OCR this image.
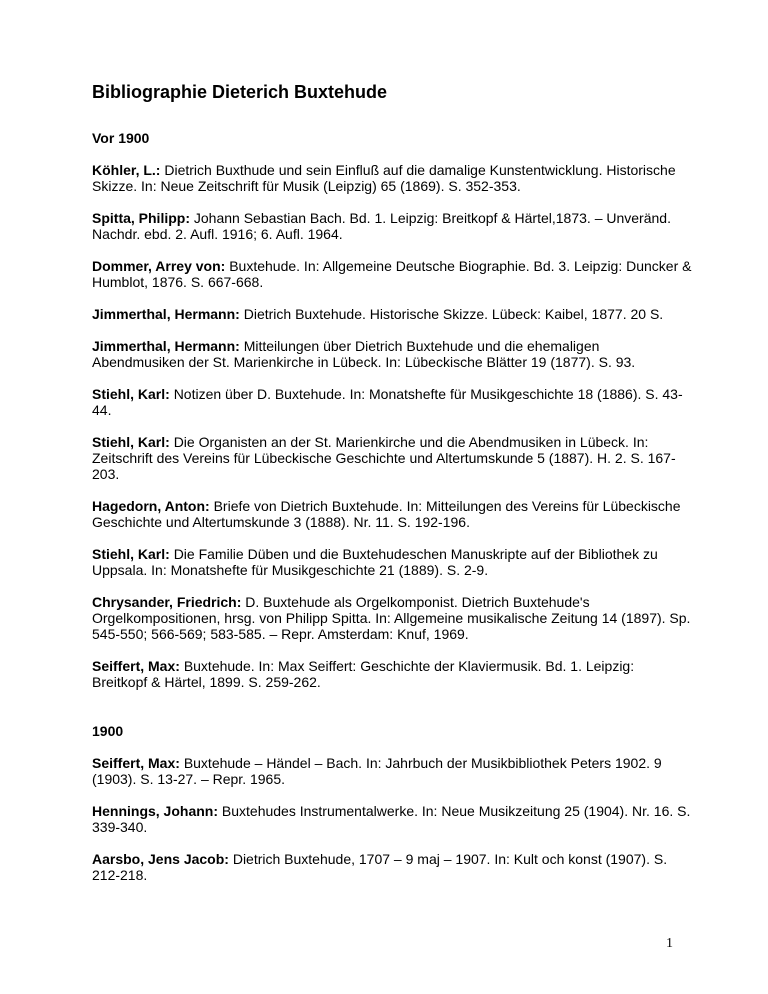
Bibliographie Dieterich Buxtehude
Vor 1900

Köhler, L.: Dietrich Buxthude und sein Einfluß auf die damalige Kunstentwicklung. Historische Skizze. In: Neue Zeitschrift für Musik (Leipzig) 65 (1869). S. 352-353.

Spitta, Philipp: Johann Sebastian Bach. Bd. 1. Leipzig: Breitkopf & Härtel,1873. – Unveränd. Nachdr. ebd. 2. Aufl. 1916; 6. Aufl. 1964.

Dommer, Arrey von: Buxtehude. In: Allgemeine Deutsche Biographie. Bd. 3. Leipzig: Duncker & Humblot, 1876. S. 667-668.

Jimmerthal, Hermann: Dietrich Buxtehude. Historische Skizze. Lübeck: Kaibel, 1877. 20 S.

Jimmerthal, Hermann: Mitteilungen über Dietrich Buxtehude und die ehemaligen Abendmusiken der St. Marienkirche in Lübeck. In: Lübeckische Blätter 19 (1877). S. 93.

Stiehl, Karl: Notizen über D. Buxtehude. In: Monatshefte für Musikgeschichte 18 (1886). S. 43-44.

Stiehl, Karl: Die Organisten an der St. Marienkirche und die Abendmusiken in Lübeck. In: Zeitschrift des Vereins für Lübeckische Geschichte und Altertumskunde 5 (1887). H. 2. S. 167-203.

Hagedorn, Anton: Briefe von Dietrich Buxtehude. In: Mitteilungen des Vereins für Lübeckische Geschichte und Altertumskunde 3 (1888). Nr. 11. S. 192-196.

Stiehl, Karl: Die Familie Düben und die Buxtehudeschen Manuskripte auf der Bibliothek zu Uppsala. In: Monatshefte für Musikgeschichte 21 (1889). S. 2-9.

Chrysander, Friedrich: D. Buxtehude als Orgelkomponist. Dietrich Buxtehude's Orgelkompositionen, hrsg. von Philipp Spitta. In: Allgemeine musikalische Zeitung 14 (1897). Sp. 545-550; 566-569; 583-585. – Repr. Amsterdam: Knuf, 1969.

Seiffert, Max: Buxtehude. In: Max Seiffert: Geschichte der Klaviermusik. Bd. 1. Leipzig: Breitkopf & Härtel, 1899. S. 259-262.

1900

Seiffert, Max: Buxtehude – Händel – Bach. In: Jahrbuch der Musikbibliothek Peters 1902. 9 (1903). S. 13-27. – Repr. 1965.

Hennings, Johann: Buxtehudes Instrumentalwerke. In: Neue Musikzeitung 25 (1904). Nr. 16. S. 339-340.

Aarsbo, Jens Jacob: Dietrich Buxtehude, 1707 – 9 maj – 1907. In: Kult och konst (1907). S. 212-218.

1
